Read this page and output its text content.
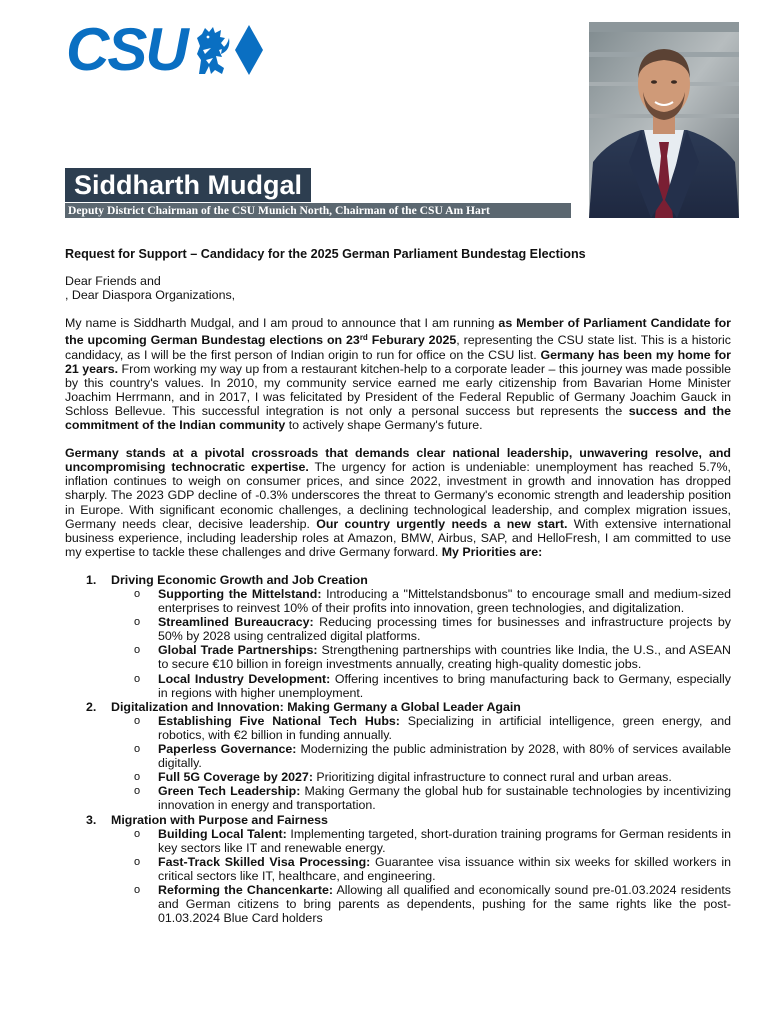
CSU
Siddharth Mudgal
Deputy District Chairman of the CSU Munich North, Chairman of the CSU Am Hart

Request for Support – Candidacy for the 2025 German Parliament Bundestag Elections

Dear Friends and

, Dear Diaspora Organizations,

My name is Siddharth Mudgal, and I am proud to announce that I am running as Member of Parliament Candidate for the upcoming German Bundestag elections on 23rd Feburary 2025, representing the CSU state list. This is a historic candidacy, as I will be the first person of Indian origin to run for office on the CSU list. Germany has been my home for 21 years. From working my way up from a restaurant kitchen-help to a corporate leader – this journey was made possible by this country's values. In 2010, my community service earned me early citizenship from Bavarian Home Minister Joachim Herrmann, and in 2017, I was felicitated by President of the Federal Republic of Germany Joachim Gauck in Schloss Bellevue. This successful integration is not only a personal success but represents the success and the commitment of the Indian community to actively shape Germany's future.

Germany stands at a pivotal crossroads that demands clear national leadership, unwavering resolve, and uncompromising technocratic expertise. The urgency for action is undeniable: unemployment has reached 5.7%, inflation continues to weigh on consumer prices, and since 2022, investment in growth and innovation has dropped sharply. The 2023 GDP decline of -0.3% underscores the threat to Germany's economic strength and leadership position in Europe. With significant economic challenges, a declining technological leadership, and complex migration issues, Germany needs clear, decisive leadership. Our country urgently needs a new start. With extensive international business experience, including leadership roles at Amazon, BMW, Airbus, SAP, and HelloFresh, I am committed to use my expertise to tackle these challenges and drive Germany forward. My Priorities are:

1. Driving Economic Growth and Job Creation
o Supporting the Mittelstand: Introducing a "Mittelstandsbonus" to encourage small and medium-sized enterprises to reinvest 10% of their profits into innovation, green technologies, and digitalization.
o Streamlined Bureaucracy: Reducing processing times for businesses and infrastructure projects by 50% by 2028 using centralized digital platforms.
o Global Trade Partnerships: Strengthening partnerships with countries like India, the U.S., and ASEAN to secure €10 billion in foreign investments annually, creating high-quality domestic jobs.
o Local Industry Development: Offering incentives to bring manufacturing back to Germany, especially in regions with higher unemployment.
2. Digitalization and Innovation: Making Germany a Global Leader Again
o Establishing Five National Tech Hubs: Specializing in artificial intelligence, green energy, and robotics, with €2 billion in funding annually.
o Paperless Governance: Modernizing the public administration by 2028, with 80% of services available digitally.
o Full 5G Coverage by 2027: Prioritizing digital infrastructure to connect rural and urban areas.
o Green Tech Leadership: Making Germany the global hub for sustainable technologies by incentivizing innovation in energy and transportation.
3. Migration with Purpose and Fairness
o Building Local Talent: Implementing targeted, short-duration training programs for German residents in key sectors like IT and renewable energy.
o Fast-Track Skilled Visa Processing: Guarantee visa issuance within six weeks for skilled workers in critical sectors like IT, healthcare, and engineering.
o Reforming the Chancenkarte: Allowing all qualified and economically sound pre-01.03.2024 residents and German citizens to bring parents as dependents, pushing for the same rights like the post-01.03.2024 Blue Card holders
